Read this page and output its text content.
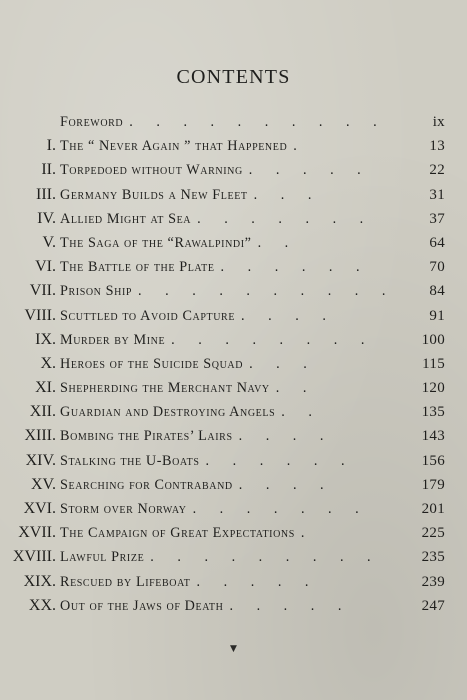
CONTENTS
Foreword . . . . . . . . . .	ix
I. The “ Never Again ” that Happened .	13
II. Torpedoed without Warning . . . . .	22
III. Germany Builds a New Fleet . . .	31
IV. Allied Might at Sea . . . . . . .	37
V. The Saga of the “Rawalpindi” . .	64
VI. The Battle of the Plate . . . . . .	70
VII. Prison Ship . . . . . . . . . .	84
VIII. Scuttled to Avoid Capture . . . .	91
IX. Murder by Mine . . . . . . . .	100
X. Heroes of the Suicide Squad . . .	115
XI. Shepherding the Merchant Navy . .	120
XII. Guardian and Destroying Angels . .	135
XIII. Bombing the Pirates’ Lairs . . . .	143
XIV. Stalking the U-Boats . . . . . .	156
XV. Searching for Contraband . . . .	179
XVI. Storm over Norway . . . . . . .	201
XVII. The Campaign of Great Expectations .	225
XVIII. Lawful Prize . . . . . . . . .	235
XIX. Rescued by Lifeboat . . . . .	239
XX. Out of the Jaws of Death . . . . .	247
▼
